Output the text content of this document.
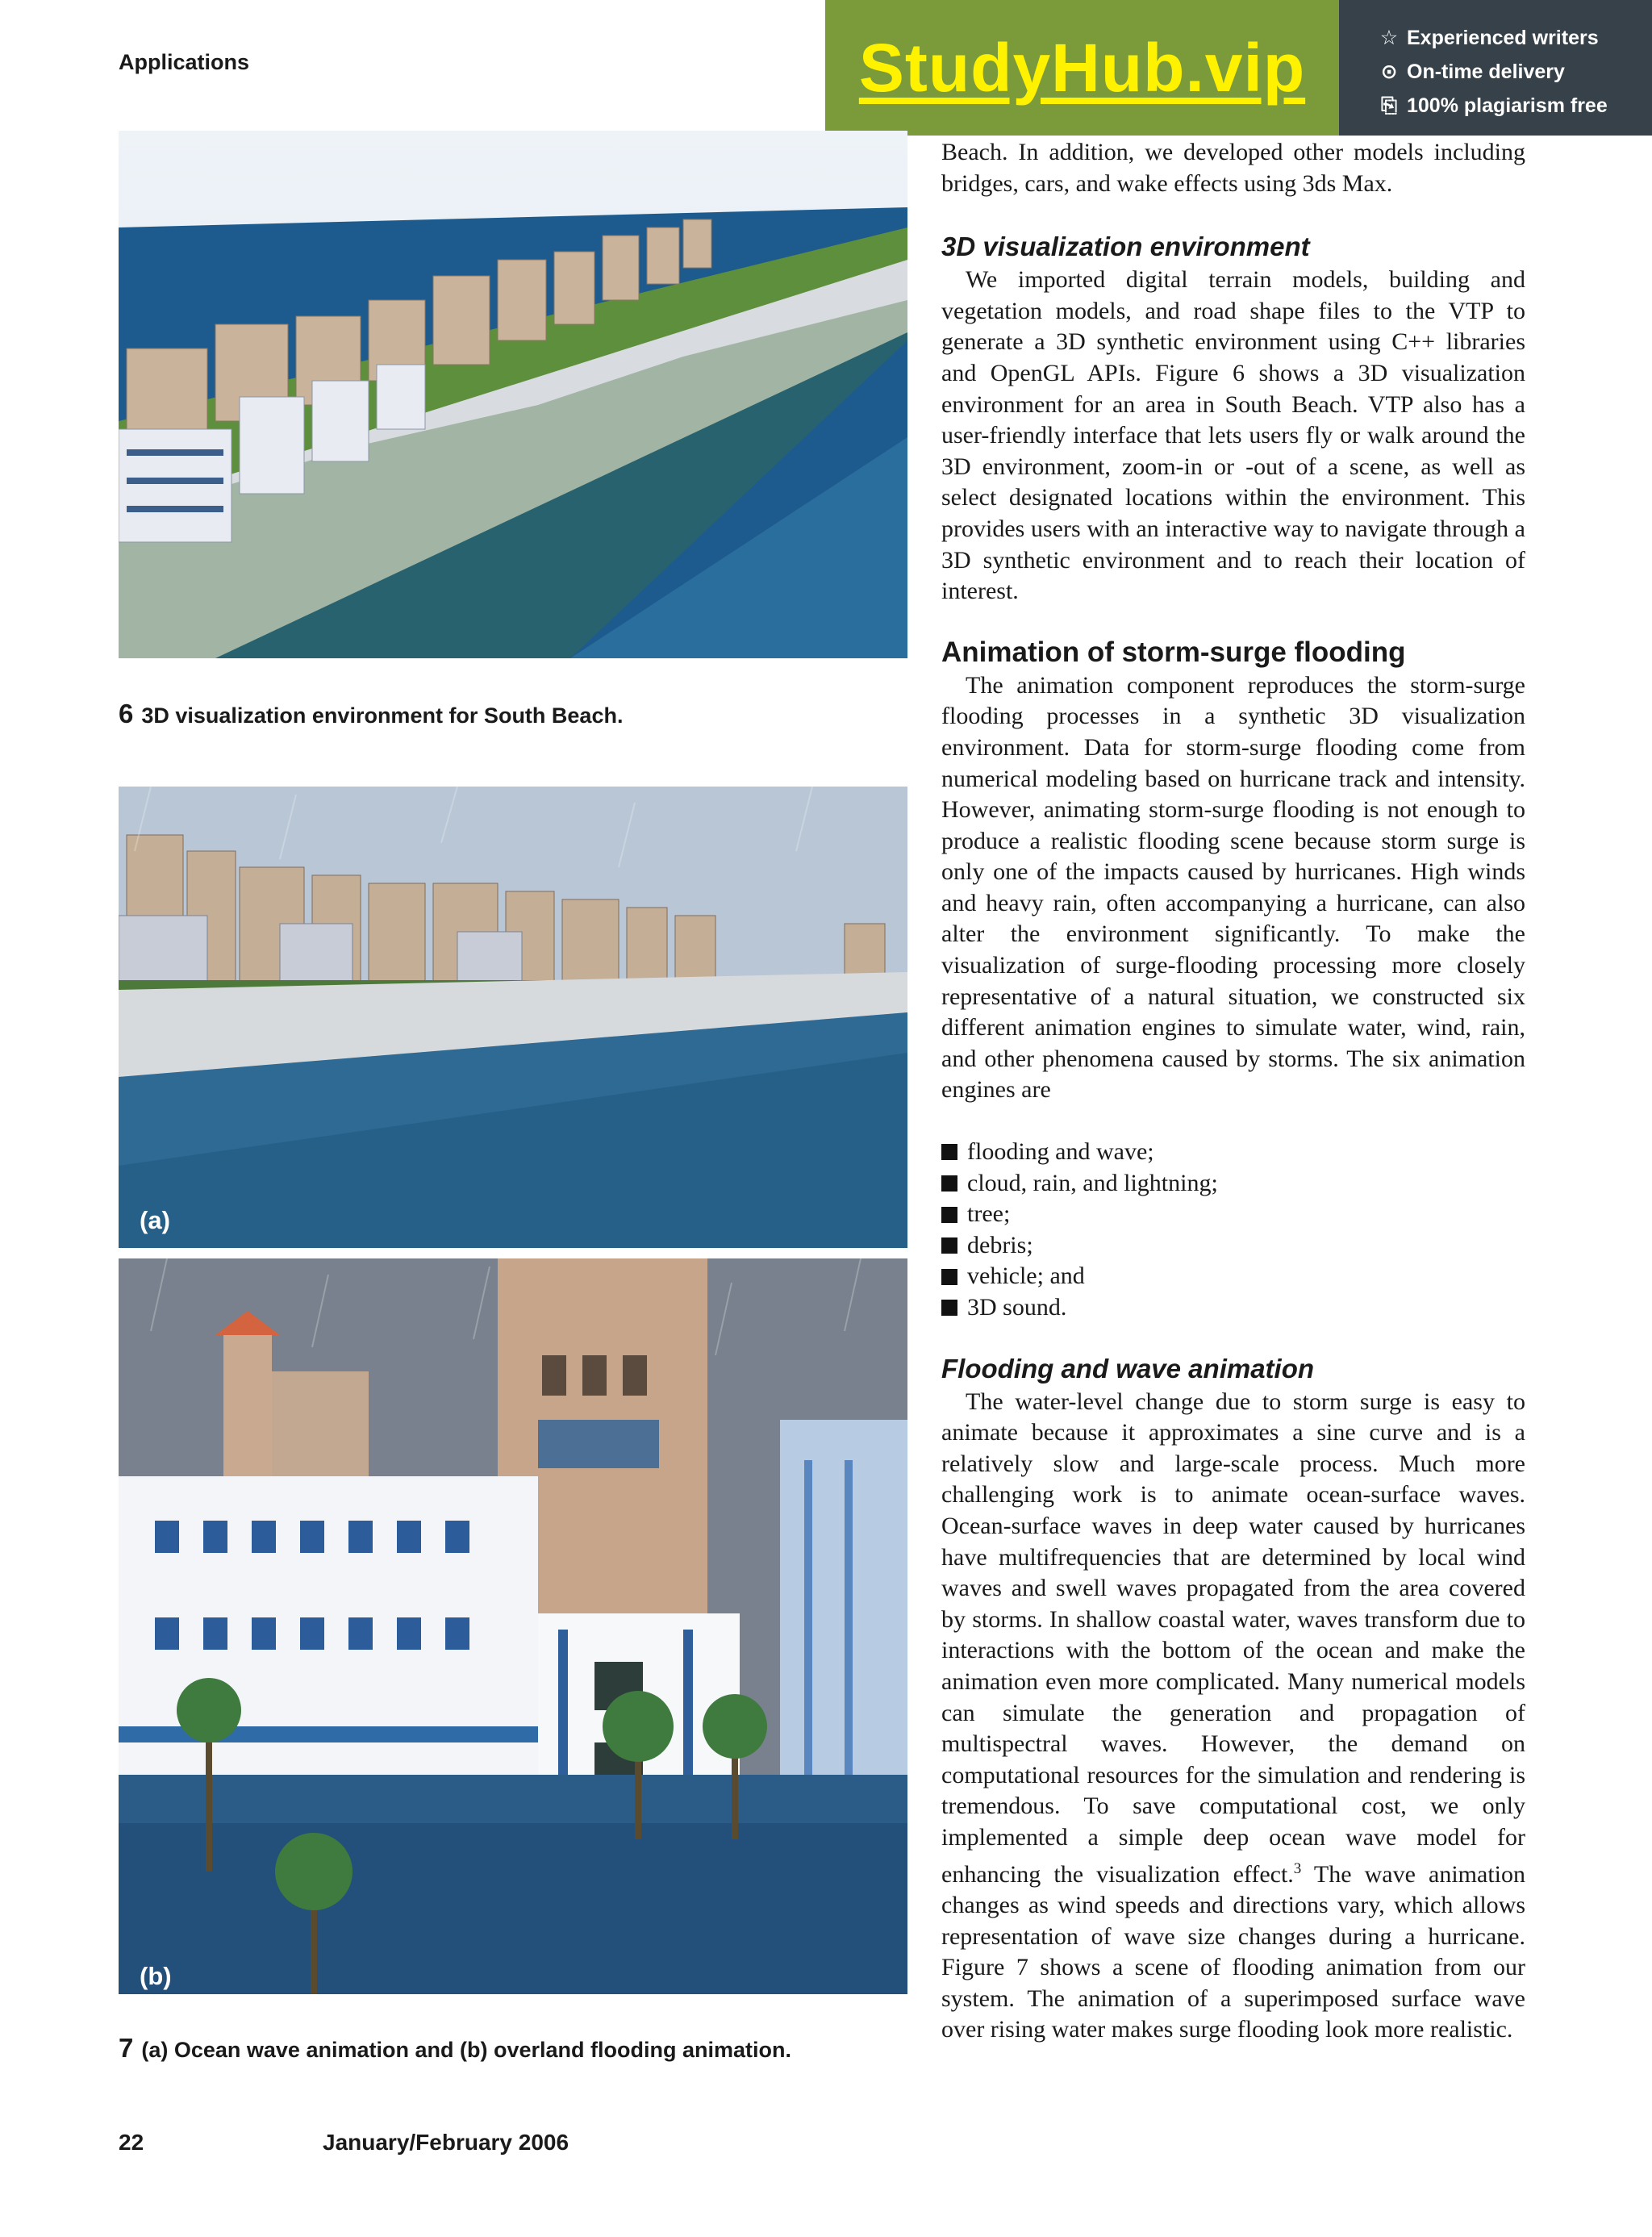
Applications	StudyHub.vip	☆ Experienced writers
⊙ On-time delivery
⎘ 100% plagiarism free
6 3D visualization environment for South Beach.
(a)
(b)
7 (a) Ocean wave animation and (b) overland flooding animation.

Beach. In addition, we developed other models including bridges, cars, and wake effects using 3ds Max.

3D visualization environment

We imported digital terrain models, building and vegetation models, and road shape files to the VTP to generate a 3D synthetic environment using C++ libraries and OpenGL APIs. Figure 6 shows a 3D visualization environment for an area in South Beach. VTP also has a user-friendly interface that lets users fly or walk around the 3D environment, zoom-in or -out of a scene, as well as select designated locations within the environment. This provides users with an interactive way to navigate through a 3D synthetic environment and to reach their location of interest.

Animation of storm-surge flooding

The animation component reproduces the storm-surge flooding processes in a synthetic 3D visualization environment. Data for storm-surge flooding come from numerical modeling based on hurricane track and intensity. However, animating storm-surge flooding is not enough to produce a realistic flooding scene because storm surge is only one of the impacts caused by hurricanes. High winds and heavy rain, often accompanying a hurricane, can also alter the environment significantly. To make the visualization of surge-flooding processing more closely representative of a natural situation, we constructed six different animation engines to simulate water, wind, rain, and other phenomena caused by storms. The six animation engines are

flooding and wave;
cloud, rain, and lightning;
tree;
debris;
vehicle; and
3D sound.
Flooding and wave animation

The water-level change due to storm surge is easy to animate because it approximates a sine curve and is a relatively slow and large-scale process. Much more challenging work is to animate ocean-surface waves. Ocean-surface waves in deep water caused by hurricanes have multifrequencies that are determined by local wind waves and swell waves propagated from the area covered by storms. In shallow coastal water, waves transform due to interactions with the bottom of the ocean and make the animation even more complicated. Many numerical models can simulate the generation and propagation of multispectral waves. However, the demand on computational resources for the simulation and rendering is tremendous. To save computational cost, we only implemented a simple deep ocean wave model for enhancing the visualization effect.$^3$ The wave animation changes as wind speeds and directions vary, which allows representation of wave size changes during a hurricane. Figure 7 shows a scene of flooding animation from our system. The animation of a superimposed surface wave over rising water makes surge flooding look more realistic.

22	January/February 2006
